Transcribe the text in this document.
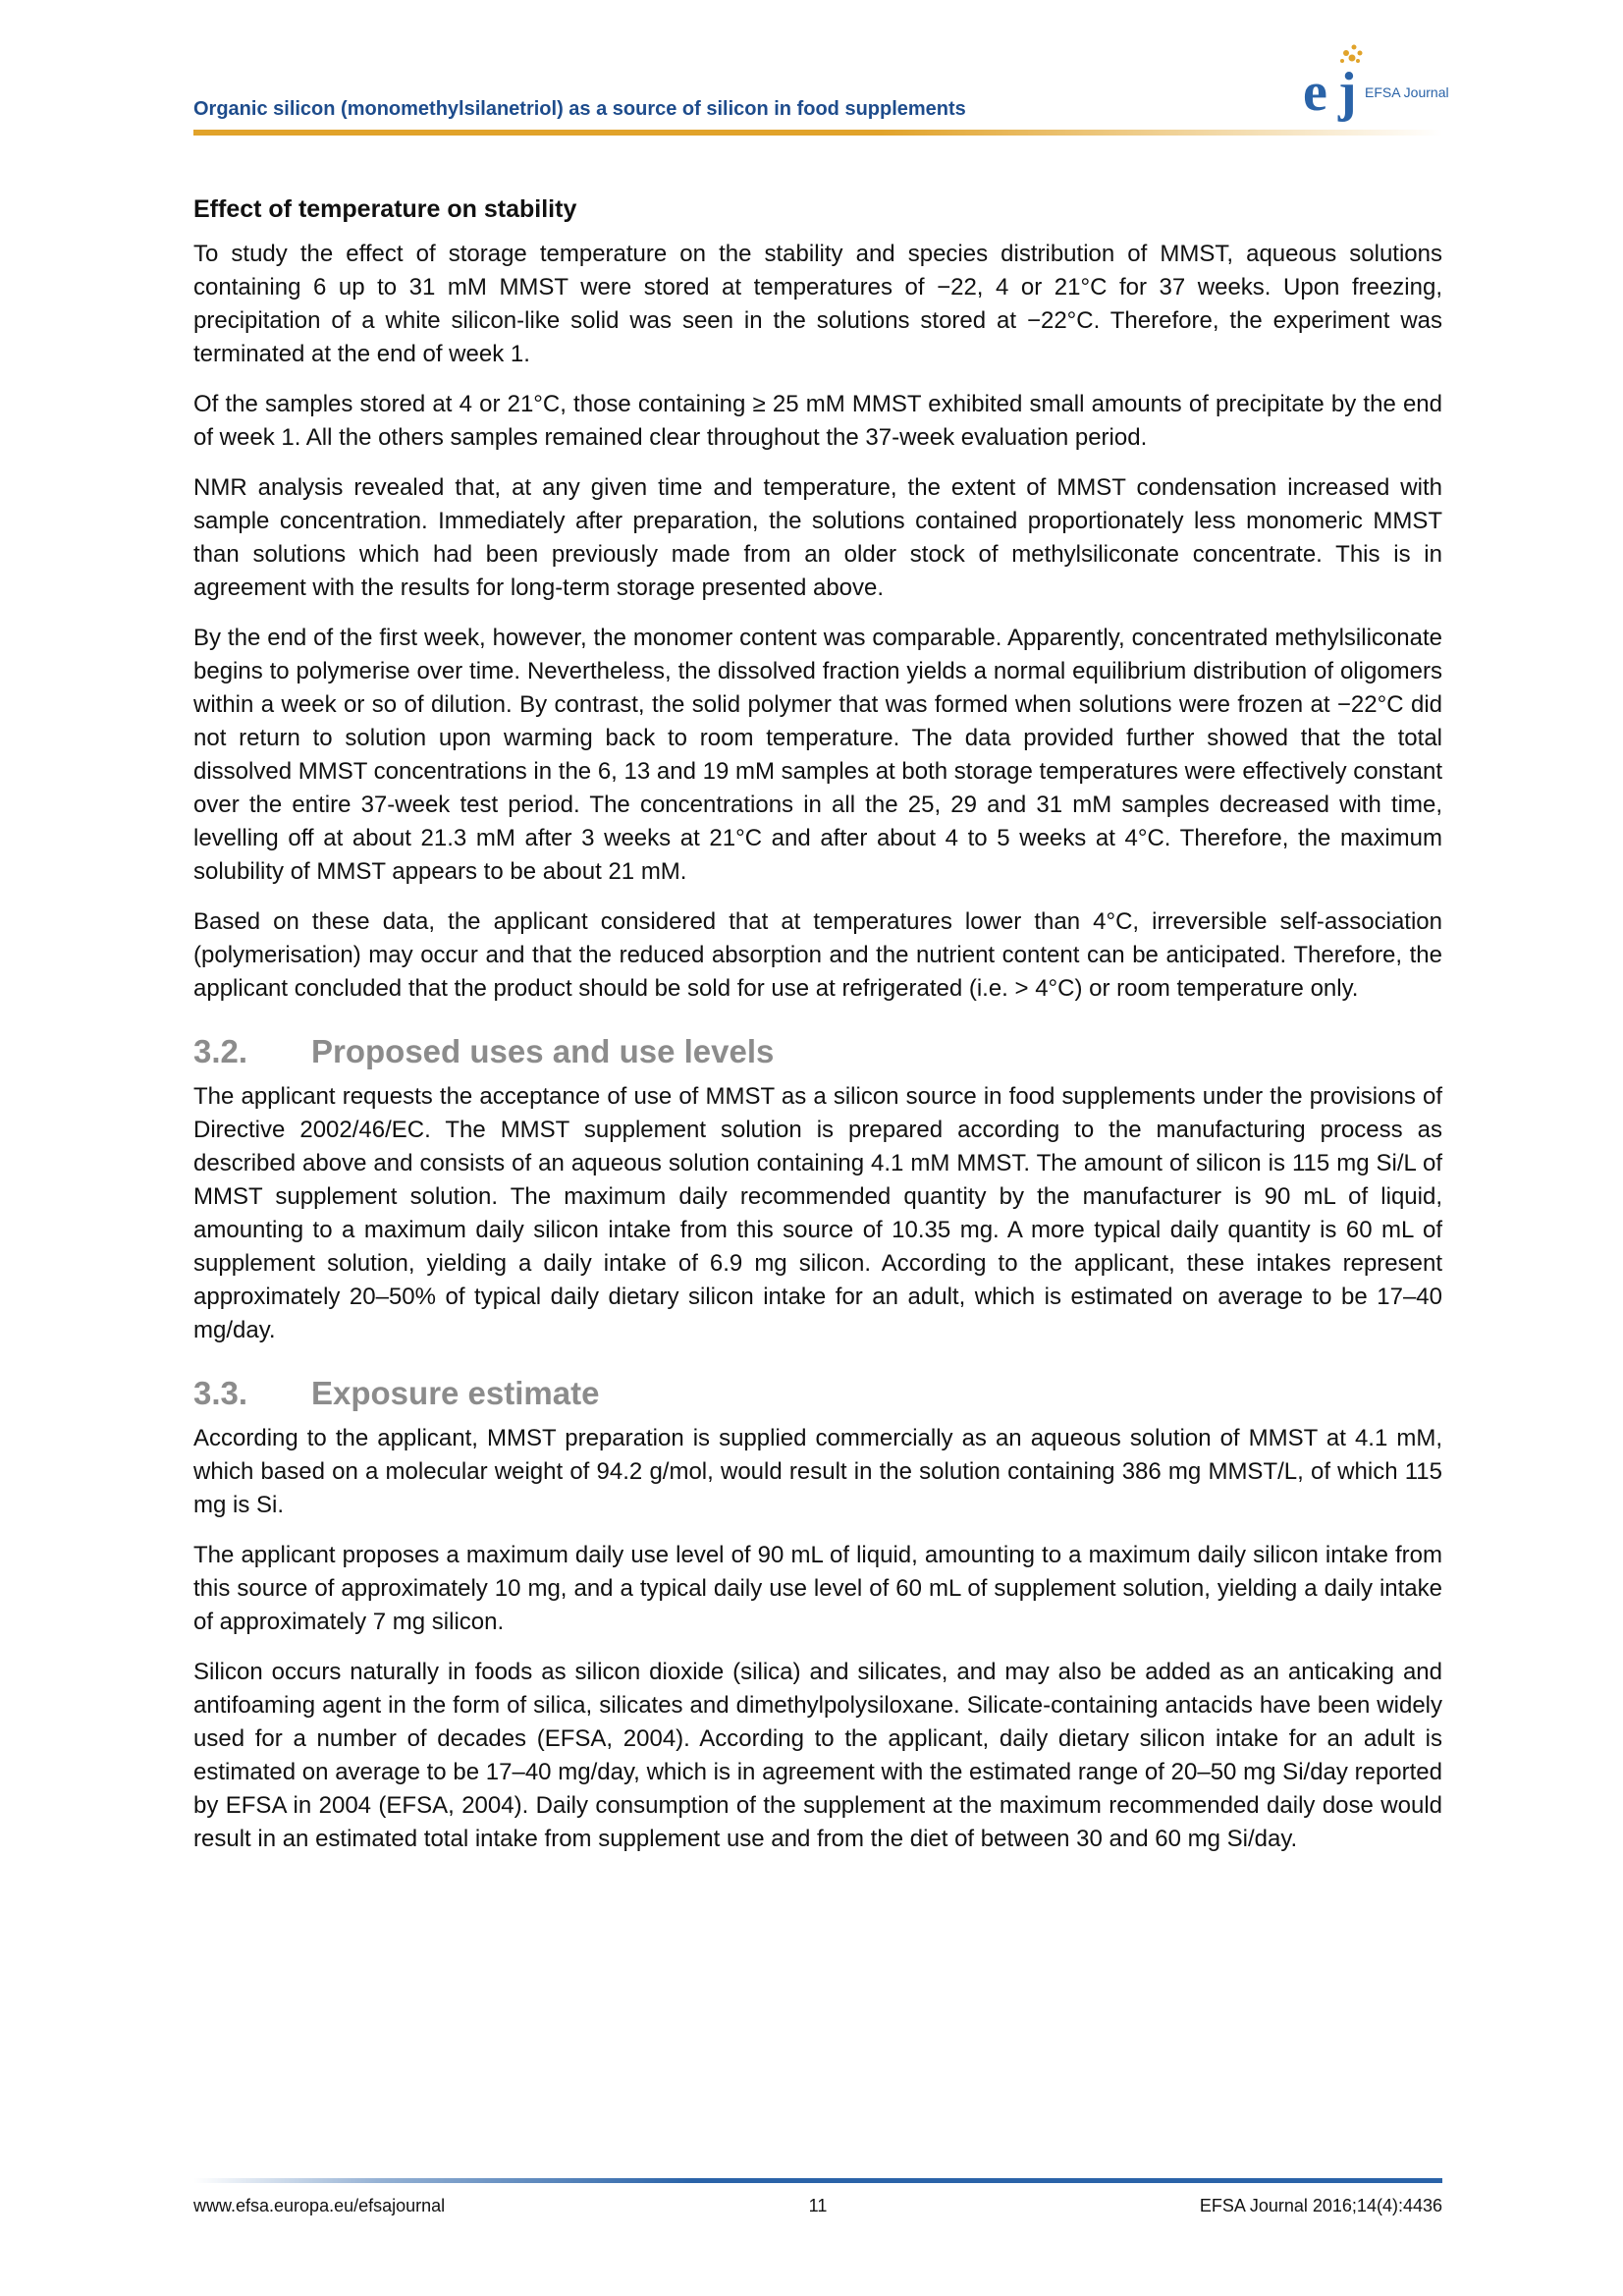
Organic silicon (monomethylsilanetriol) as a source of silicon in food supplements	e j EFSA Journal
Effect of temperature on stability

To study the effect of storage temperature on the stability and species distribution of MMST, aqueous solutions containing 6 up to 31 mM MMST were stored at temperatures of −22, 4 or 21°C for 37 weeks. Upon freezing, precipitation of a white silicon-like solid was seen in the solutions stored at −22°C. Therefore, the experiment was terminated at the end of week 1.

Of the samples stored at 4 or 21°C, those containing ≥ 25 mM MMST exhibited small amounts of precipitate by the end of week 1. All the others samples remained clear throughout the 37-week evaluation period.

NMR analysis revealed that, at any given time and temperature, the extent of MMST condensation increased with sample concentration. Immediately after preparation, the solutions contained proportionately less monomeric MMST than solutions which had been previously made from an older stock of methylsiliconate concentrate. This is in agreement with the results for long-term storage presented above.

By the end of the first week, however, the monomer content was comparable. Apparently, concentrated methylsiliconate begins to polymerise over time. Nevertheless, the dissolved fraction yields a normal equilibrium distribution of oligomers within a week or so of dilution. By contrast, the solid polymer that was formed when solutions were frozen at −22°C did not return to solution upon warming back to room temperature. The data provided further showed that the total dissolved MMST concentrations in the 6, 13 and 19 mM samples at both storage temperatures were effectively constant over the entire 37-week test period. The concentrations in all the 25, 29 and 31 mM samples decreased with time, levelling off at about 21.3 mM after 3 weeks at 21°C and after about 4 to 5 weeks at 4°C. Therefore, the maximum solubility of MMST appears to be about 21 mM.

Based on these data, the applicant considered that at temperatures lower than 4°C, irreversible self-association (polymerisation) may occur and that the reduced absorption and the nutrient content can be anticipated. Therefore, the applicant concluded that the product should be sold for use at refrigerated (i.e. > 4°C) or room temperature only.

3.2.	Proposed uses and use levels

The applicant requests the acceptance of use of MMST as a silicon source in food supplements under the provisions of Directive 2002/46/EC. The MMST supplement solution is prepared according to the manufacturing process as described above and consists of an aqueous solution containing 4.1 mM MMST. The amount of silicon is 115 mg Si/L of MMST supplement solution. The maximum daily recommended quantity by the manufacturer is 90 mL of liquid, amounting to a maximum daily silicon intake from this source of 10.35 mg. A more typical daily quantity is 60 mL of supplement solution, yielding a daily intake of 6.9 mg silicon. According to the applicant, these intakes represent approximately 20–50% of typical daily dietary silicon intake for an adult, which is estimated on average to be 17–40 mg/day.

3.3.	Exposure estimate

According to the applicant, MMST preparation is supplied commercially as an aqueous solution of MMST at 4.1 mM, which based on a molecular weight of 94.2 g/mol, would result in the solution containing 386 mg MMST/L, of which 115 mg is Si.

The applicant proposes a maximum daily use level of 90 mL of liquid, amounting to a maximum daily silicon intake from this source of approximately 10 mg, and a typical daily use level of 60 mL of supplement solution, yielding a daily intake of approximately 7 mg silicon.

Silicon occurs naturally in foods as silicon dioxide (silica) and silicates, and may also be added as an anticaking and antifoaming agent in the form of silica, silicates and dimethylpolysiloxane. Silicate-containing antacids have been widely used for a number of decades (EFSA, 2004). According to the applicant, daily dietary silicon intake for an adult is estimated on average to be 17–40 mg/day, which is in agreement with the estimated range of 20–50 mg Si/day reported by EFSA in 2004 (EFSA, 2004). Daily consumption of the supplement at the maximum recommended daily dose would result in an estimated total intake from supplement use and from the diet of between 30 and 60 mg Si/day.

www.efsa.europa.eu/efsajournal	11	EFSA Journal 2016;14(4):4436
